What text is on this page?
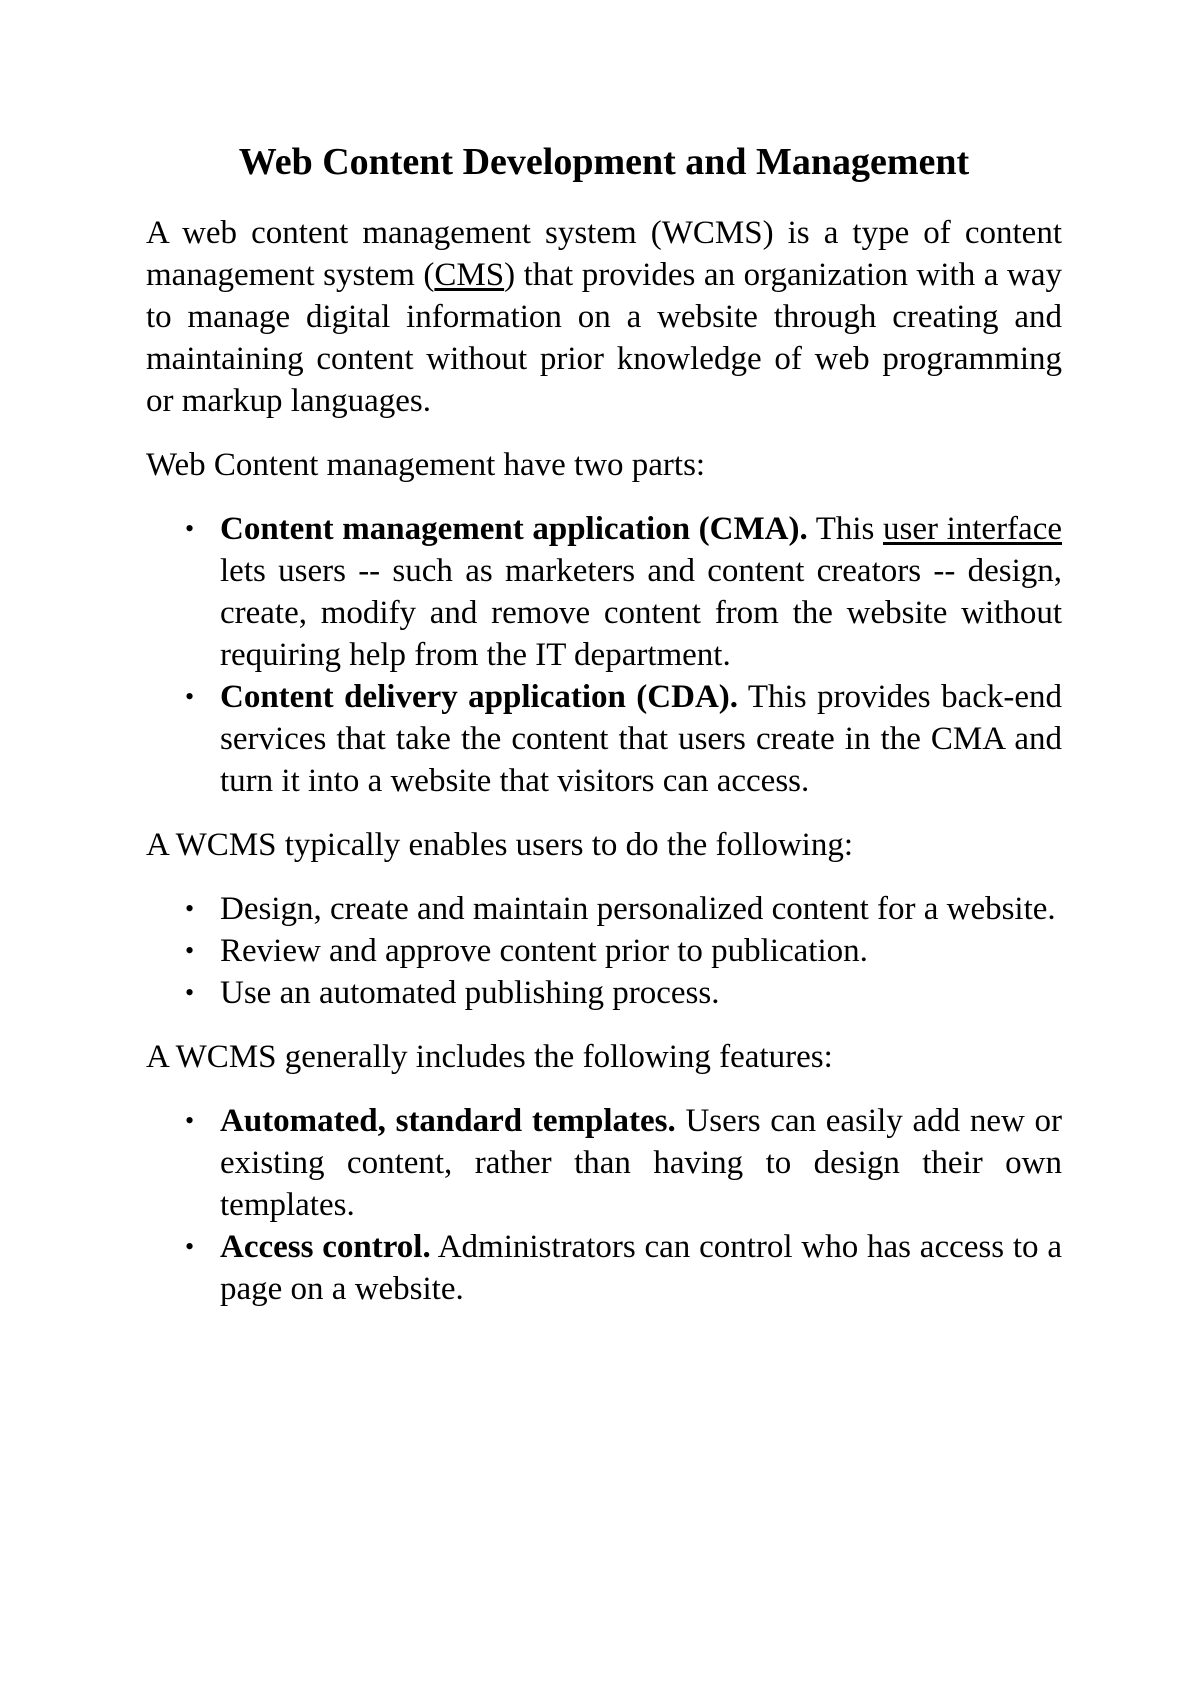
Web Content Development and Management

A web content management system (WCMS) is a type of content management system (CMS) that provides an organization with a way to manage digital information on a website through creating and maintaining content without prior knowledge of web programming or markup languages.

Web Content management have two parts:

• Content management application (CMA). This user interface lets users -- such as marketers and content creators -- design, create, modify and remove content from the website without requiring help from the IT department.
• Content delivery application (CDA). This provides back-end services that take the content that users create in the CMA and turn it into a website that visitors can access.

A WCMS typically enables users to do the following:

• Design, create and maintain personalized content for a website.
• Review and approve content prior to publication.
• Use an automated publishing process.

A WCMS generally includes the following features:

• Automated, standard templates. Users can easily add new or existing content, rather than having to design their own templates.
• Access control. Administrators can control who has access to a page on a website.
